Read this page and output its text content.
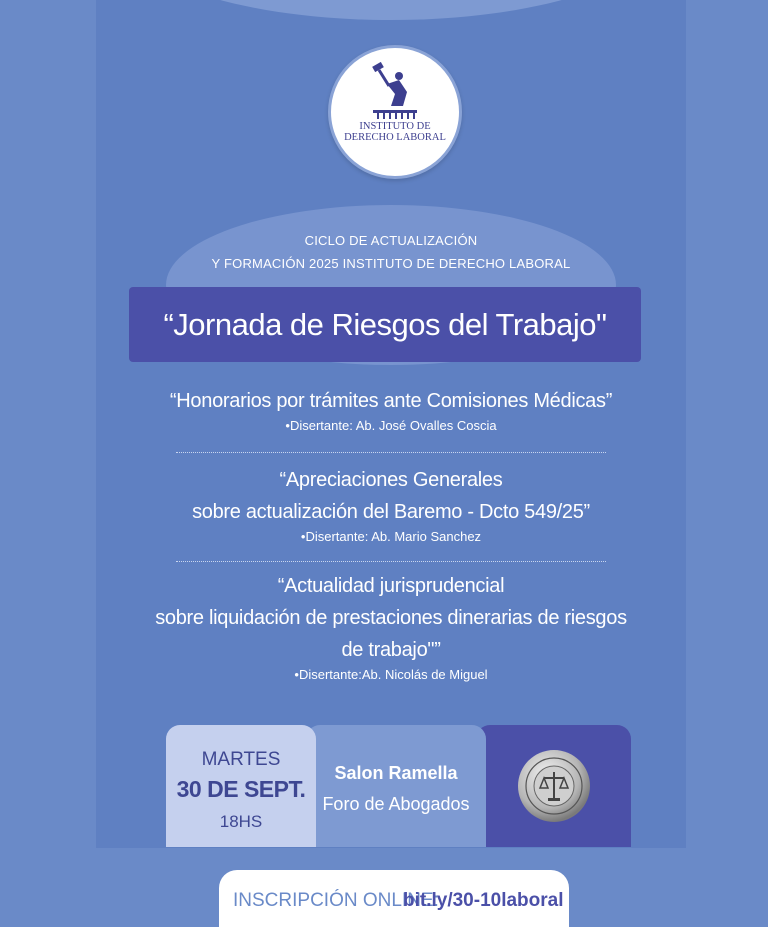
INSTITUTO DE
DERECHO LABORAL
CICLO DE ACTUALIZACIÓN
Y FORMACIÓN 2025 INSTITUTO DE DERECHO LABORAL
“Jornada de Riesgos del Trabajo"
“Honorarios por trámites ante Comisiones Médicas”
•Disertante: Ab. José Ovalles Coscia
“Apreciaciones Generales
sobre actualización del Baremo - Dcto 549/25”
•Disertante: Ab. Mario Sanchez
“Actualidad jurisprudencial
sobre liquidación de prestaciones dinerarias de riesgos
de trabajo"”
•Disertante:Ab. Nicolás de Miguel
Salon Ramella
Foro de Abogados
MARTES
30 DE SEPT.
18HS
INSCRIPCIÓN ONLINE:
bit.ly/30-10laboral
